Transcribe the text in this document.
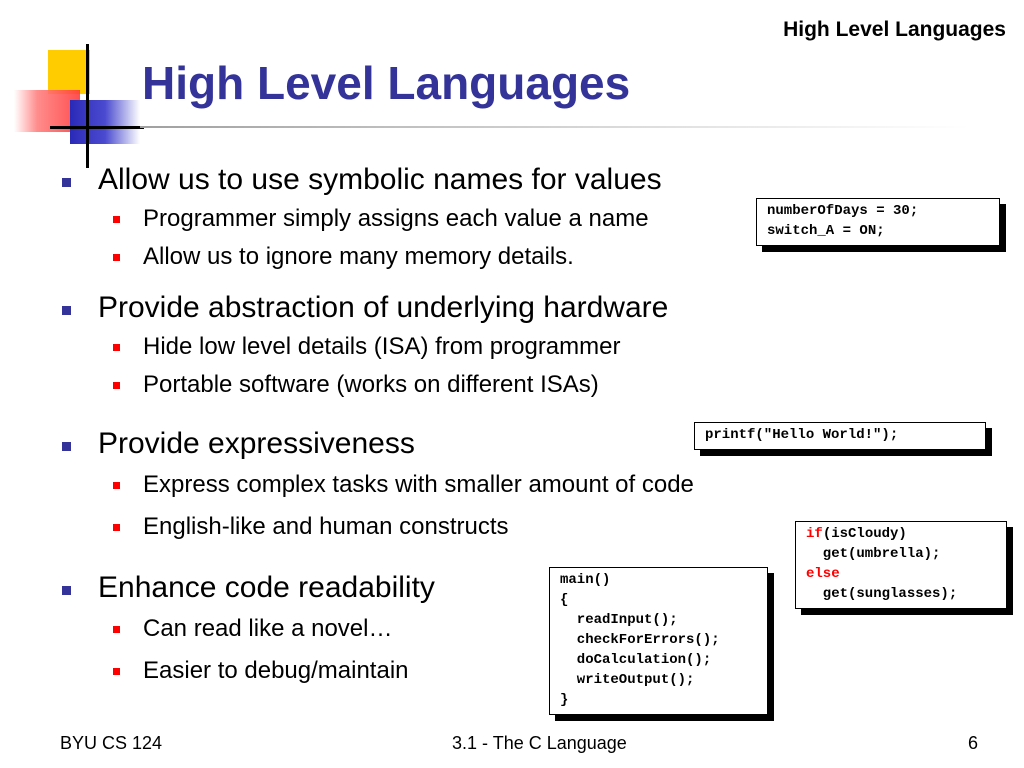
High Level Languages
High Level Languages
Allow us to use symbolic names for values
Programmer simply assigns each value a name
Allow us to ignore many memory details.
Provide abstraction of underlying hardware
Hide low level details (ISA) from programmer
Portable software (works on different ISAs)
Provide expressiveness
Express complex tasks with smaller amount of code
English-like and human constructs
Enhance code readability
Can read like a novel…
Easier to debug/maintain
numberOfDays = 30;
switch_A = ON;
printf("Hello World!");
if(isCloudy)
get(umbrella);
else
get(sunglasses);
main()
{
readInput();
checkForErrors();
doCalculation();
writeOutput();
}
BYU CS 124	3.1 - The C Language	6
